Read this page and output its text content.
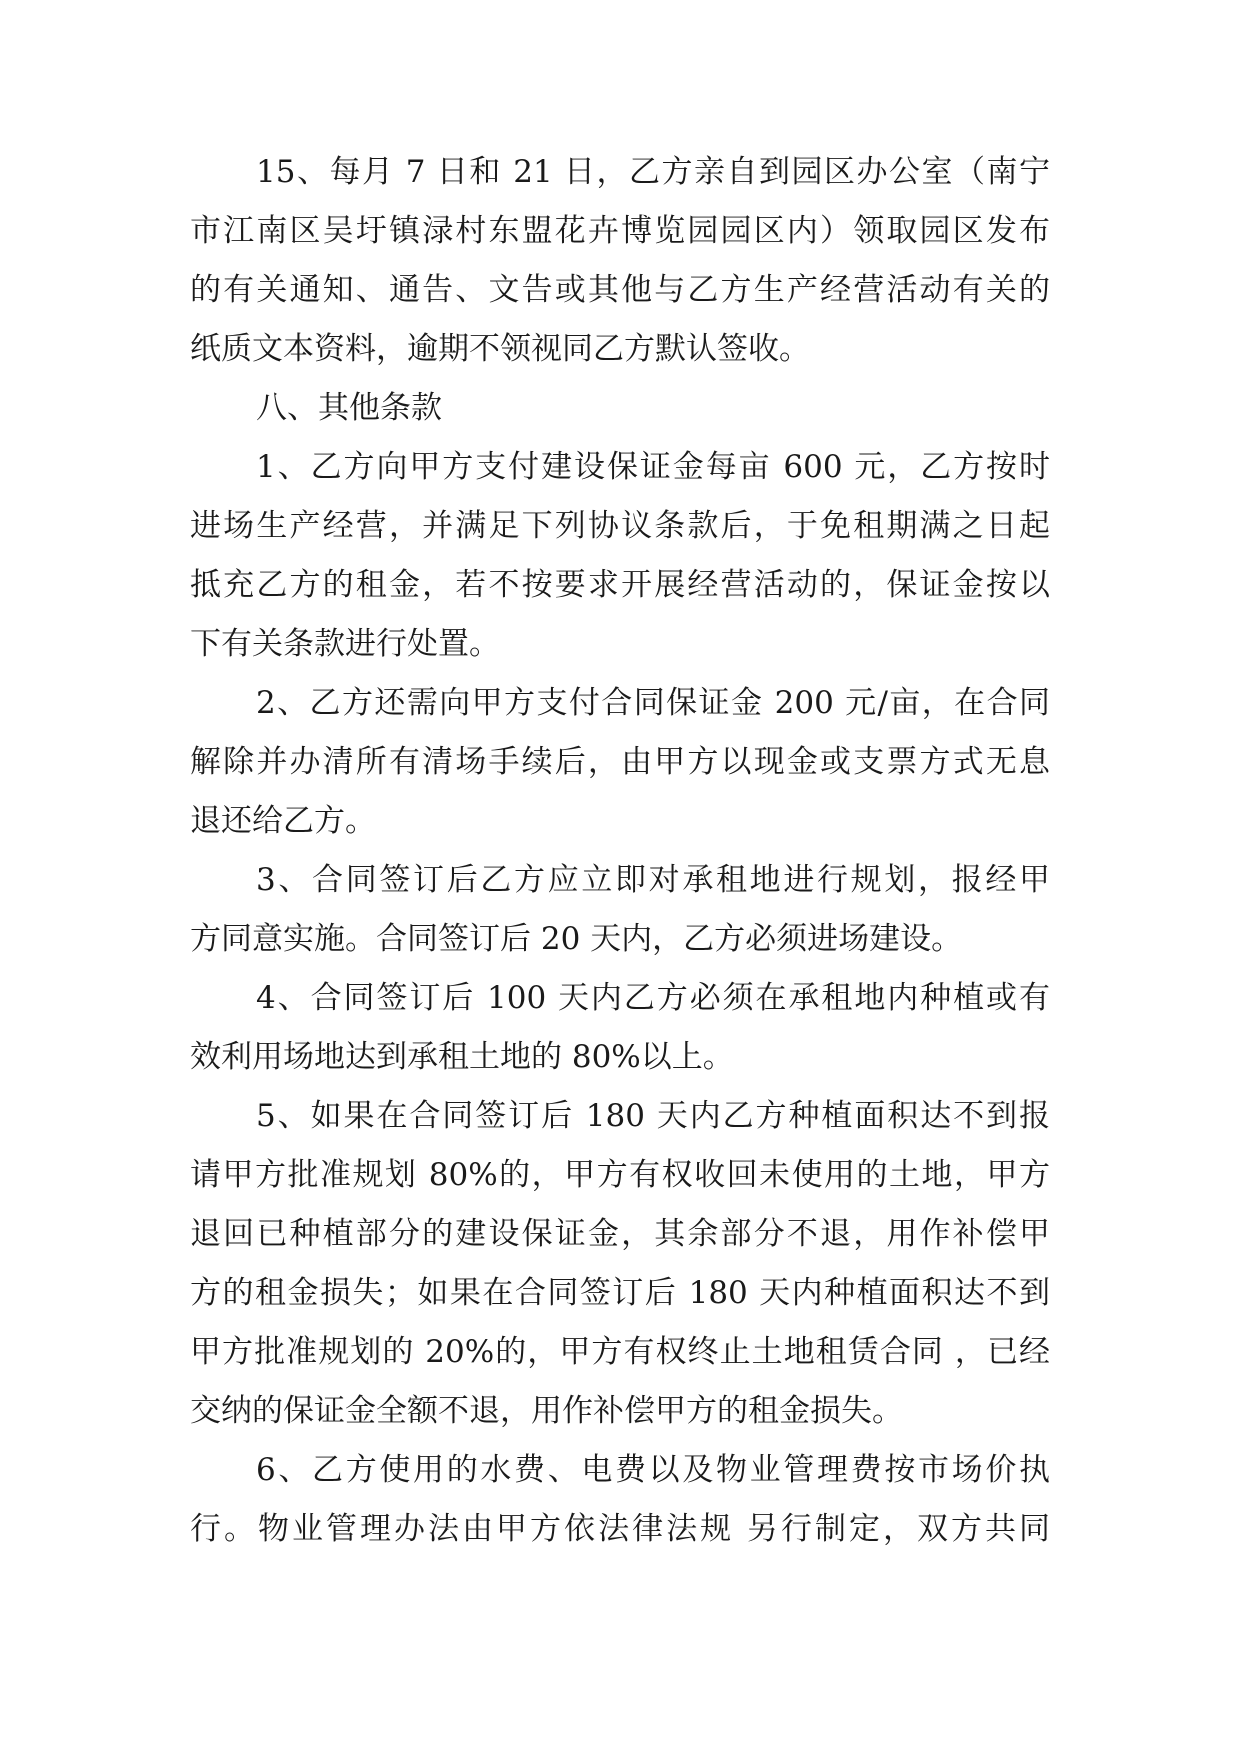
15、每月 7 日和 21 日，乙方亲自到园区办公室（南宁
市江南区吴圩镇渌村东盟花卉博览园园区内）领取园区发布
的有关通知、通告、文告或其他与乙方生产经营活动有关的
纸质文本资料，逾期不领视同乙方默认签收。
八、其他条款
1、乙方向甲方支付建设保证金每亩 600 元，乙方按时
进场生产经营，并满足下列协议条款后，于免租期满之日起
抵充乙方的租金，若不按要求开展经营活动的，保证金按以
下有关条款进行处置。
2、乙方还需向甲方支付合同保证金 200 元/亩，在合同
解除并办清所有清场手续后，由甲方以现金或支票方式无息
退还给乙方。
3、合同签订后乙方应立即对承租地进行规划，报经甲
方同意实施。合同签订后 20 天内，乙方必须进场建设。
4、合同签订后 100 天内乙方必须在承租地内种植或有
效利用场地达到承租土地的 80%以上。
5、如果在合同签订后 180 天内乙方种植面积达不到报
请甲方批准规划 80%的，甲方有权收回未使用的土地，甲方
退回已种植部分的建设保证金，其余部分不退，用作补偿甲
方的租金损失；如果在合同签订后 180 天内种植面积达不到
甲方批准规划的 20%的，甲方有权终止土地租赁合同 ，已经
交纳的保证金全额不退，用作补偿甲方的租金损失。
6、乙方使用的水费、电费以及物业管理费按市场价执
行。物业管理办法由甲方依法律法规 另行制定，双方共同
